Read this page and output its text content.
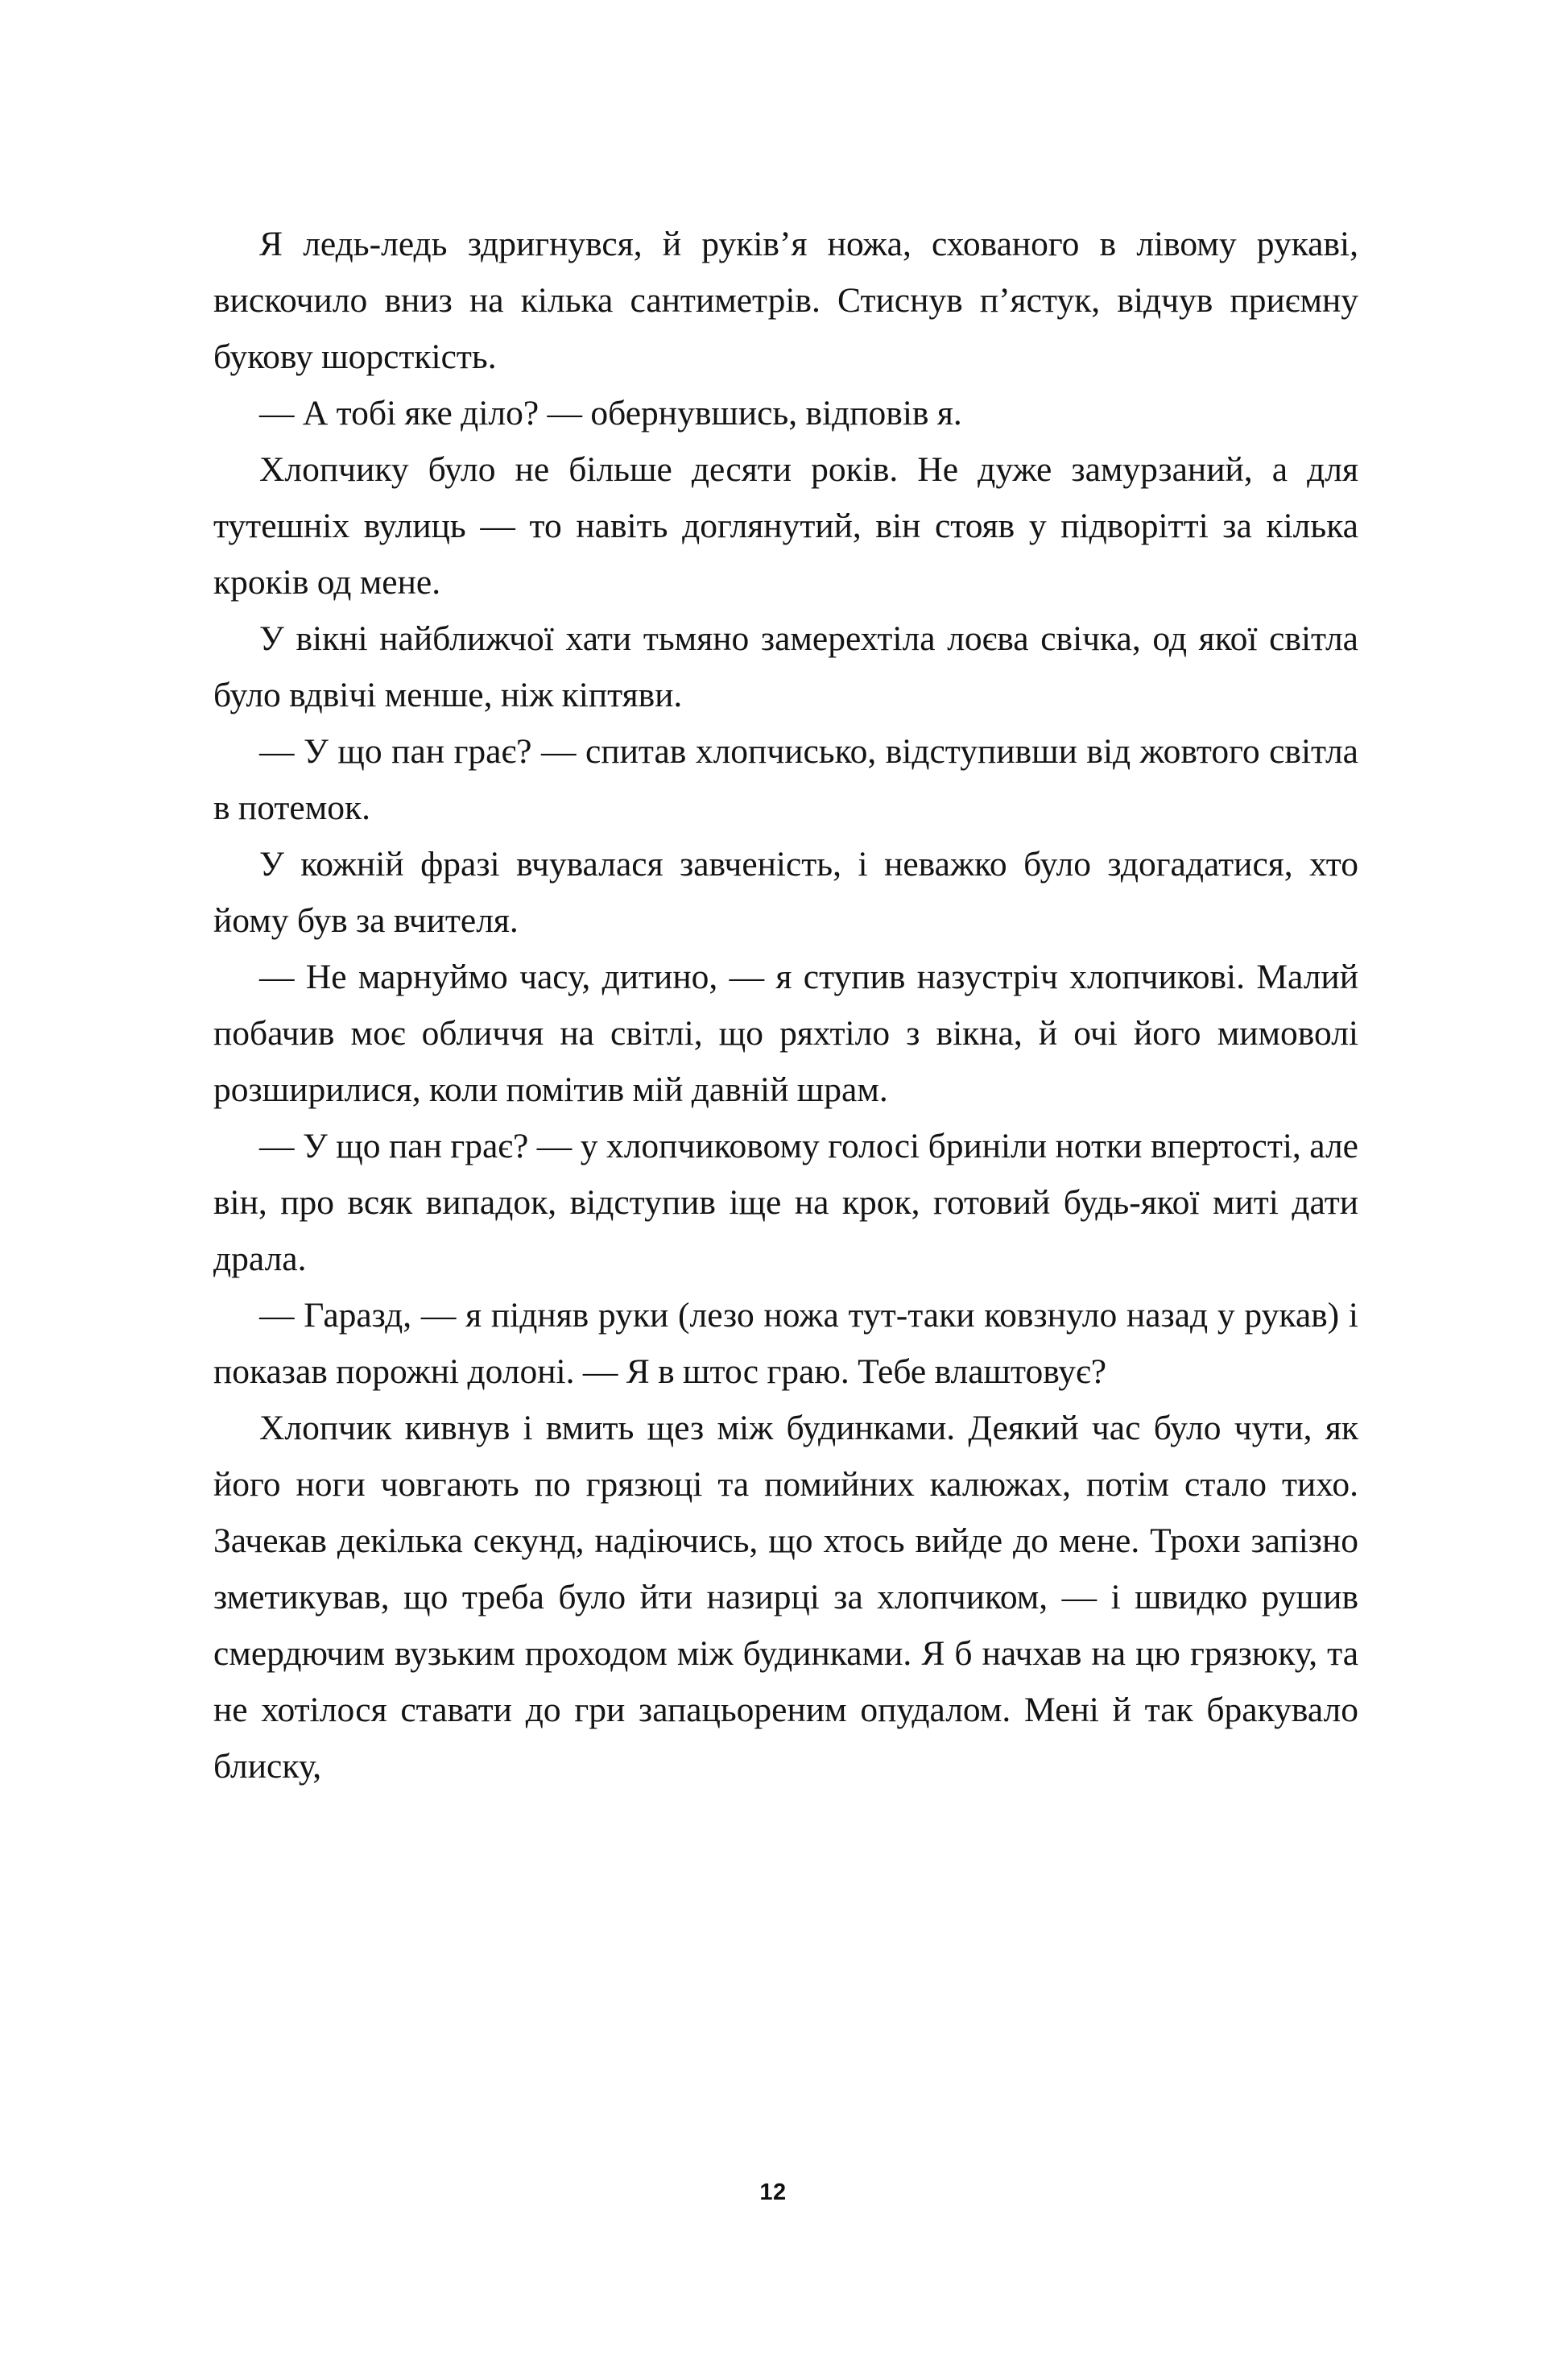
Я ледь-ледь здригнувся, й руків’я ножа, схованого в лівому рукаві, вискочило вниз на кілька сантиметрів. Стиснув п’ястук, відчув приємну букову шорсткість.

— А тобі яке діло? — обернувшись, відповів я.

Хлопчику було не більше десяти років. Не дуже замурзаний, а для тутешніх вулиць — то навіть доглянутий, він стояв у підворітті за кілька кроків од мене.

У вікні найближчої хати тьмяно замерехтіла лоєва свічка, од якої світла було вдвічі менше, ніж кіптяви.

— У що пан грає? — спитав хлопчисько, відступивши від жовтого світла в потемок.

У кожній фразі вчувалася завченість, і неважко було здогадатися, хто йому був за вчителя.

— Не марнуймо часу, дитино, — я ступив назустріч хлопчикові. Малий побачив моє обличчя на світлі, що ряхтіло з вікна, й очі його мимоволі розширилися, коли помітив мій давній шрам.

— У що пан грає? — у хлопчиковому голосі бриніли нотки впертості, але він, про всяк випадок, відступив іще на крок, готовий будь-якої миті дати драла.

— Гаразд, — я підняв руки (лезо ножа тут-таки ковзнуло назад у рукав) і показав порожні долоні. — Я в штос граю. Тебе влаштовує?

Хлопчик кивнув і вмить щез між будинками. Деякий час було чути, як його ноги човгають по грязюці та помийних калюжах, потім стало тихо. Зачекав декілька секунд, надіючись, що хтось вийде до мене. Трохи запізно зметикував, що треба було йти назирці за хлопчиком, — і швидко рушив смердючим вузьким проходом між будинками. Я б начхав на цю грязюку, та не хотілося ставати до гри запацьореним опудалом. Мені й так бракувало блиску,

12
